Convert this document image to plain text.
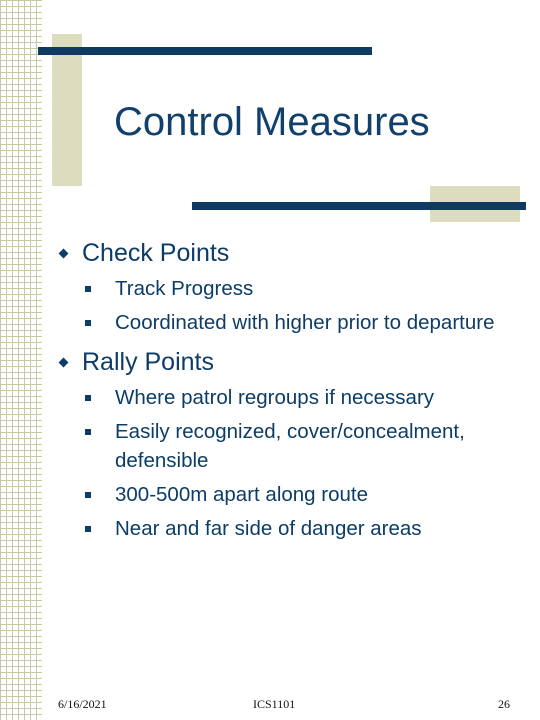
Control Measures
Check Points
Track Progress
Coordinated with higher prior to departure
Rally Points
Where patrol regroups if necessary
Easily recognized, cover/concealment, defensible
300-500m apart along route
Near and far side of danger areas
6/16/2021	ICS1101	26
